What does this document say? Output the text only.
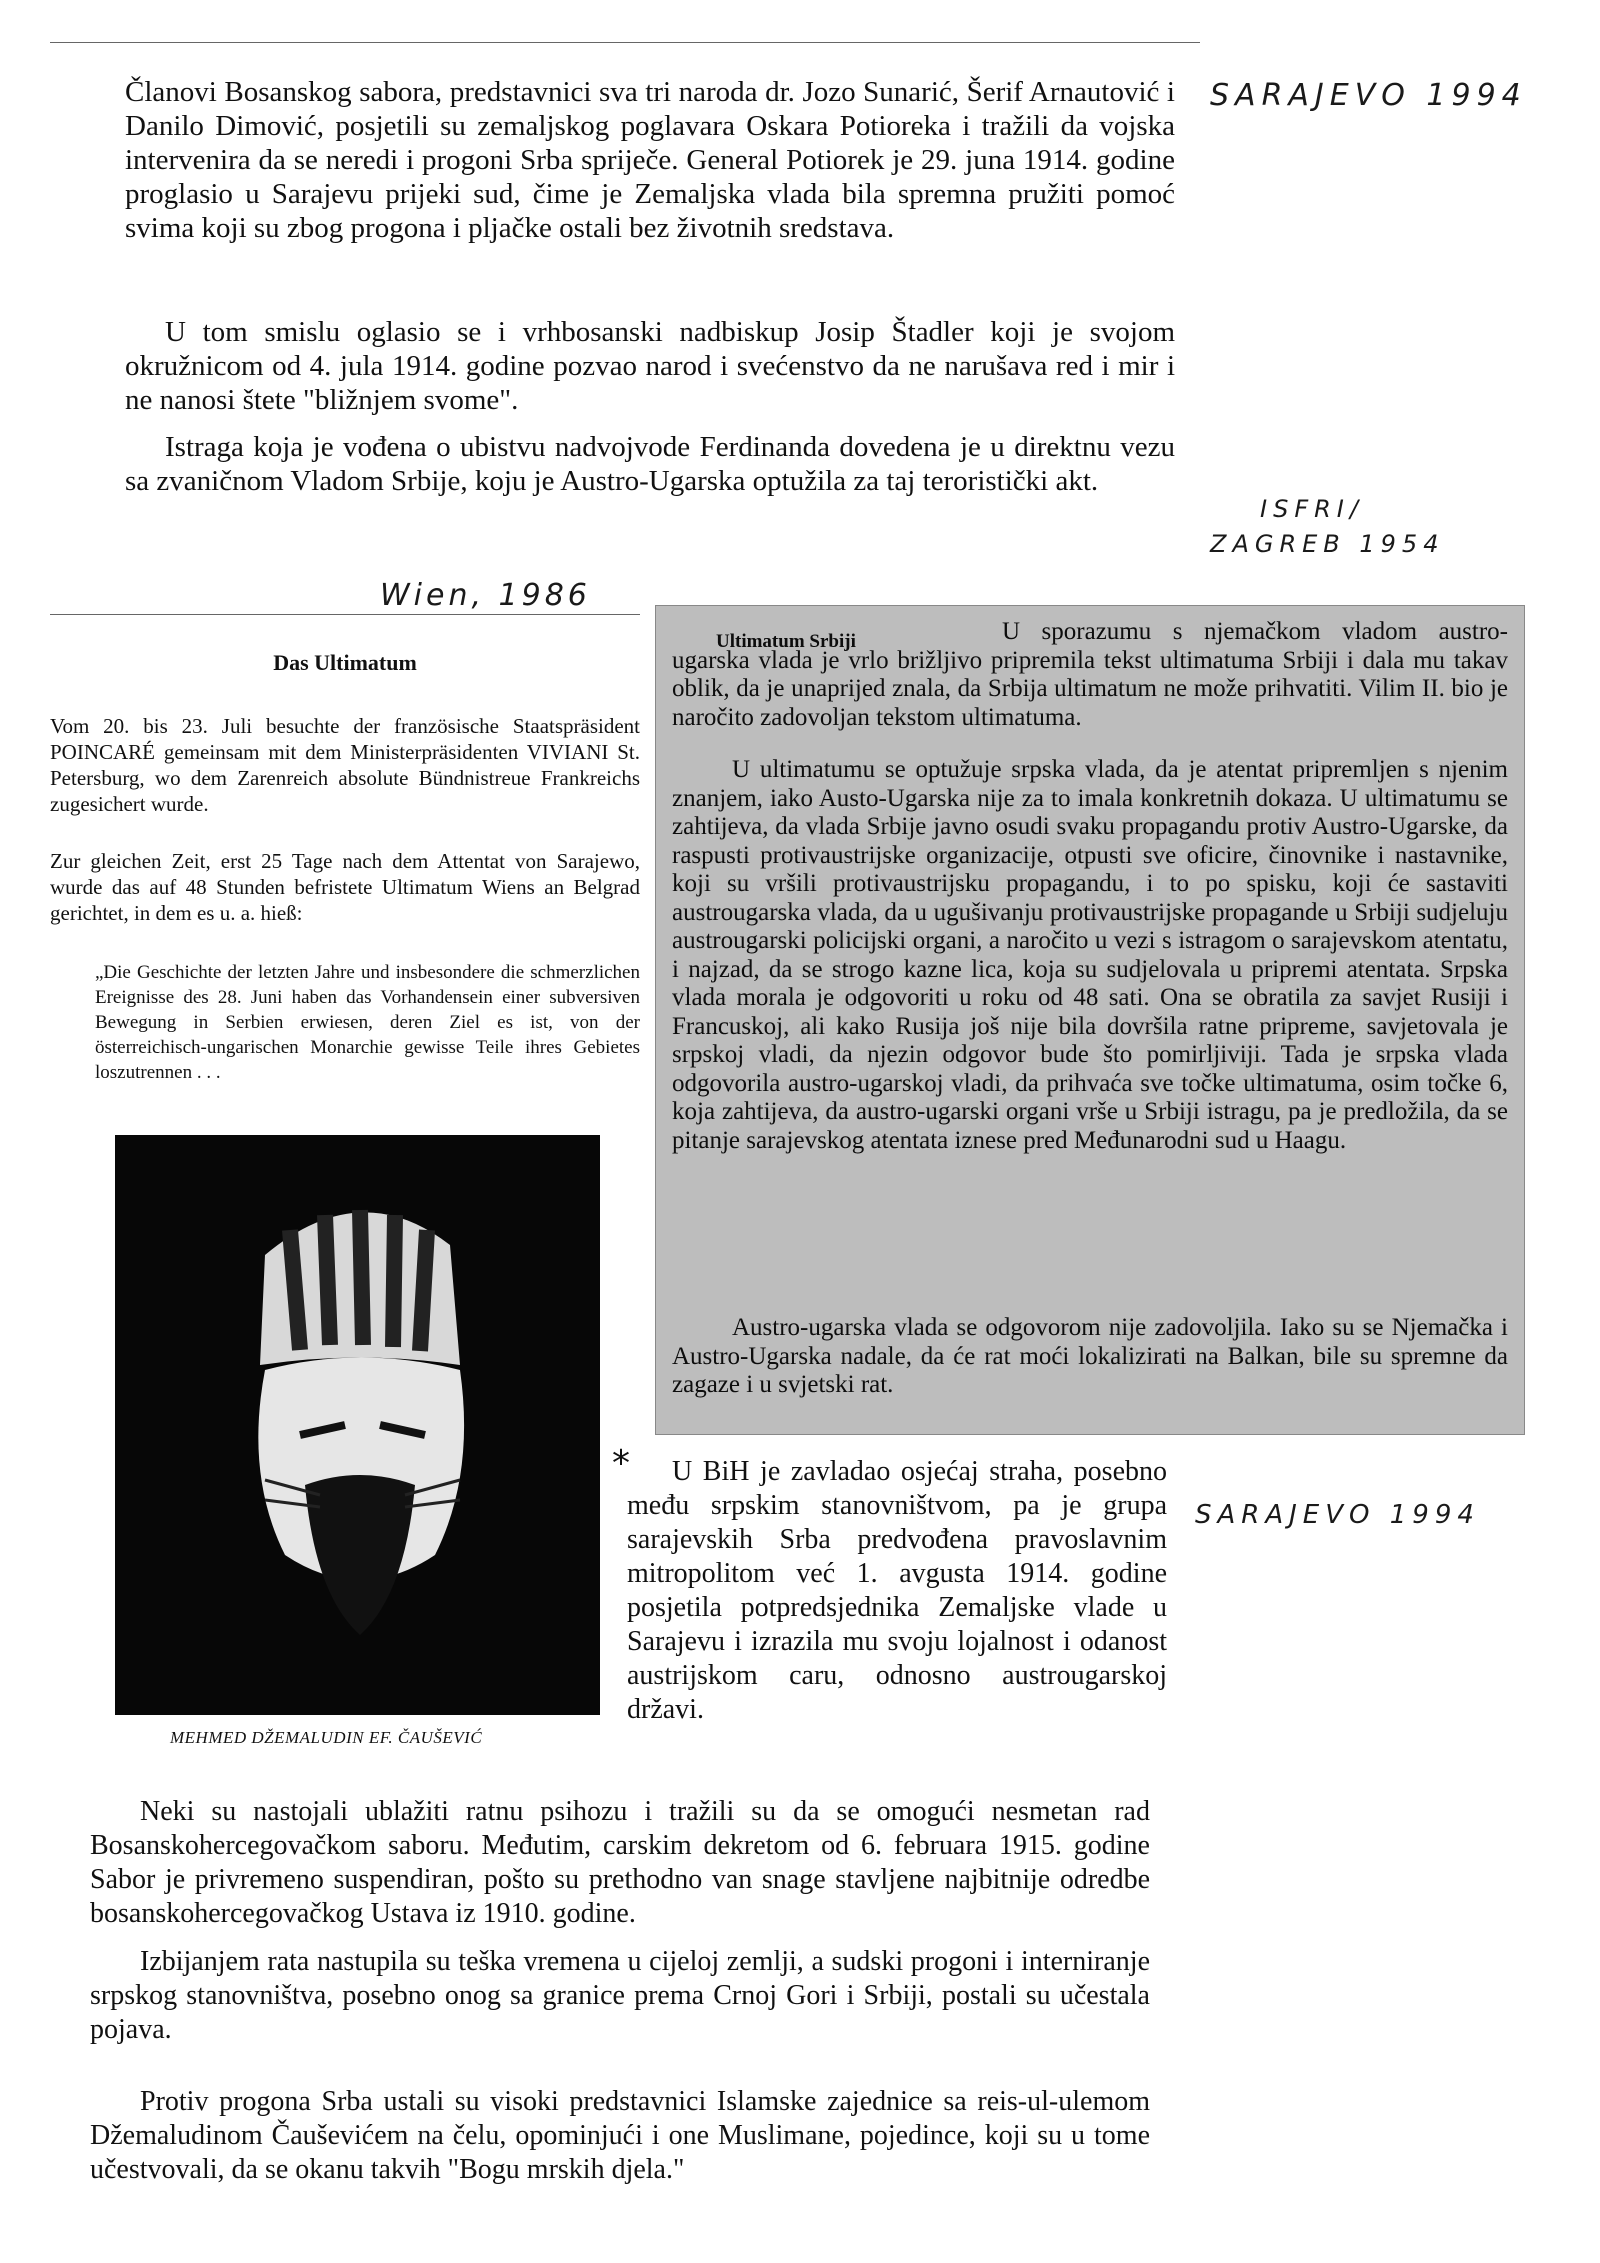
SARAJEVO 1994
ISFRI/
ZAGREB 1954
Wien, 1986
SARAJEVO 1994

Članovi Bosanskog sabora, predstavnici sva tri naroda dr. Jozo Sunarić, Šerif Arnautović i Danilo Dimović, posjetili su zemaljskog poglavara Oskara Potioreka i tražili da vojska intervenira da se neredi i progoni Srba spriječe. General Potiorek je 29. juna 1914. godine proglasio u Sarajevu prijeki sud, čime je Zemaljska vlada bila spremna pružiti pomoć svima koji su zbog progona i pljačke ostali bez životnih sredstava.

U tom smislu oglasio se i vrhbosanski nadbiskup Josip Štadler koji je svojom okružnicom od 4. jula 1914. godine pozvao narod i svećenstvo da ne narušava red i mir i ne nanosi štete "bližnjem svome".

Istraga koja je vođena o ubistvu nadvojvode Ferdinanda dovedena je u direktnu vezu sa zvaničnom Vladom Srbije, koju je Austro-Ugarska optužila za taj teroristički akt.

Das Ultimatum

Vom 20. bis 23. Juli besuchte der französische Staatspräsident POINCARÉ gemeinsam mit dem Ministerpräsidenten VIVIANI St. Petersburg, wo dem Zarenreich absolute Bündnistreue Frankreichs zugesichert wurde.

Zur gleichen Zeit, erst 25 Tage nach dem Attentat von Sarajewo, wurde das auf 48 Stunden befristete Ultimatum Wiens an Belgrad gerichtet, in dem es u. a. hieß:

„Die Geschichte der letzten Jahre und insbesondere die schmerzlichen Ereignisse des 28. Juni haben das Vorhandensein einer subversiven Bewegung in Serbien erwiesen, deren Ziel es ist, von der österreichisch-ungarischen Monarchie gewisse Teile ihres Gebietes loszutrennen . . .

Ultimatum Srbiji	U sporazumu s njemačkom vladom austro-ugarska vlada je vrlo brižljivo pripremila tekst ultimatuma Srbiji i dala mu takav oblik, da je unaprijed znala, da Srbija ultimatum ne može prihvatiti. Vilim II. bio je naročito zadovoljan tekstom ultimatuma.

U ultimatumu se optužuje srpska vlada, da je atentat pripremljen s njenim znanjem, iako Austo-Ugarska nije za to imala konkretnih dokaza. U ultimatumu se zahtijeva, da vlada Srbije javno osudi svaku propagandu protiv Austro-Ugarske, da raspusti protivaustrijske organizacije, otpusti sve oficire, činovnike i nastavnike, koji su vršili protivaustrijsku propagandu, i to po spisku, koji će sastaviti austrougarska vlada, da u ugušivanju protivaustrijske propagande u Srbiji sudjeluju austrougarski policijski organi, a naročito u vezi s istragom o sarajevskom atentatu, i najzad, da se strogo kazne lica, koja su sudjelovala u pripremi atentata. Srpska vlada morala je odgovoriti u roku od 48 sati. Ona se obratila za savjet Rusiji i Francuskoj, ali kako Rusija još nije bila dovršila ratne pripreme, savjetovala je srpskoj vladi, da njezin odgovor bude što pomirljiviji. Tada je srpska vlada odgovorila austro-ugarskoj vladi, da prihvaća sve točke ultimatuma, osim točke 6, koja zahtijeva, da austro-ugarski organi vrše u Srbiji istragu, pa je predložila, da se pitanje sarajevskog atentata iznese pred Međunarodni sud u Haagu.

Austro-ugarska vlada se odgovorom nije zadovoljila. Iako su se Njemačka i Austro-Ugarska nadale, da će rat moći lokalizirati na Balkan, bile su spremne da zagaze i u svjetski rat.

MEHMED DŽEMALUDIN EF. ČAUŠEVIĆ
*	U BiH je zavladao osjećaj straha, posebno među srpskim stanovništvom, pa je grupa sarajevskih Srba predvođena pravoslavnim mitropolitom već 1. avgusta 1914. godine posjetila potpredsjednika Zemaljske vlade u Sarajevu i izrazila mu svoju lojalnost i odanost austrijskom caru, odnosno austrougarskoj državi.

Neki su nastojali ublažiti ratnu psihozu i tražili su da se omogući nesmetan rad Bosanskohercegovačkom saboru. Međutim, carskim dekretom od 6. februara 1915. godine Sabor je privremeno suspendiran, pošto su prethodno van snage stavljene najbitnije odredbe bosanskohercegovačkog Ustava iz 1910. godine.

Izbijanjem rata nastupila su teška vremena u cijeloj zemlji, a sudski progoni i interniranje srpskog stanovništva, posebno onog sa granice prema Crnoj Gori i Srbiji, postali su učestala pojava.

Protiv progona Srba ustali su visoki predstavnici Islamske zajednice sa reis-ul-ulemom Džemaludinom Čauševićem na čelu, opominjući i one Muslimane, pojedince, koji su u tome učestvovali, da se okanu takvih "Bogu mrskih djela."
